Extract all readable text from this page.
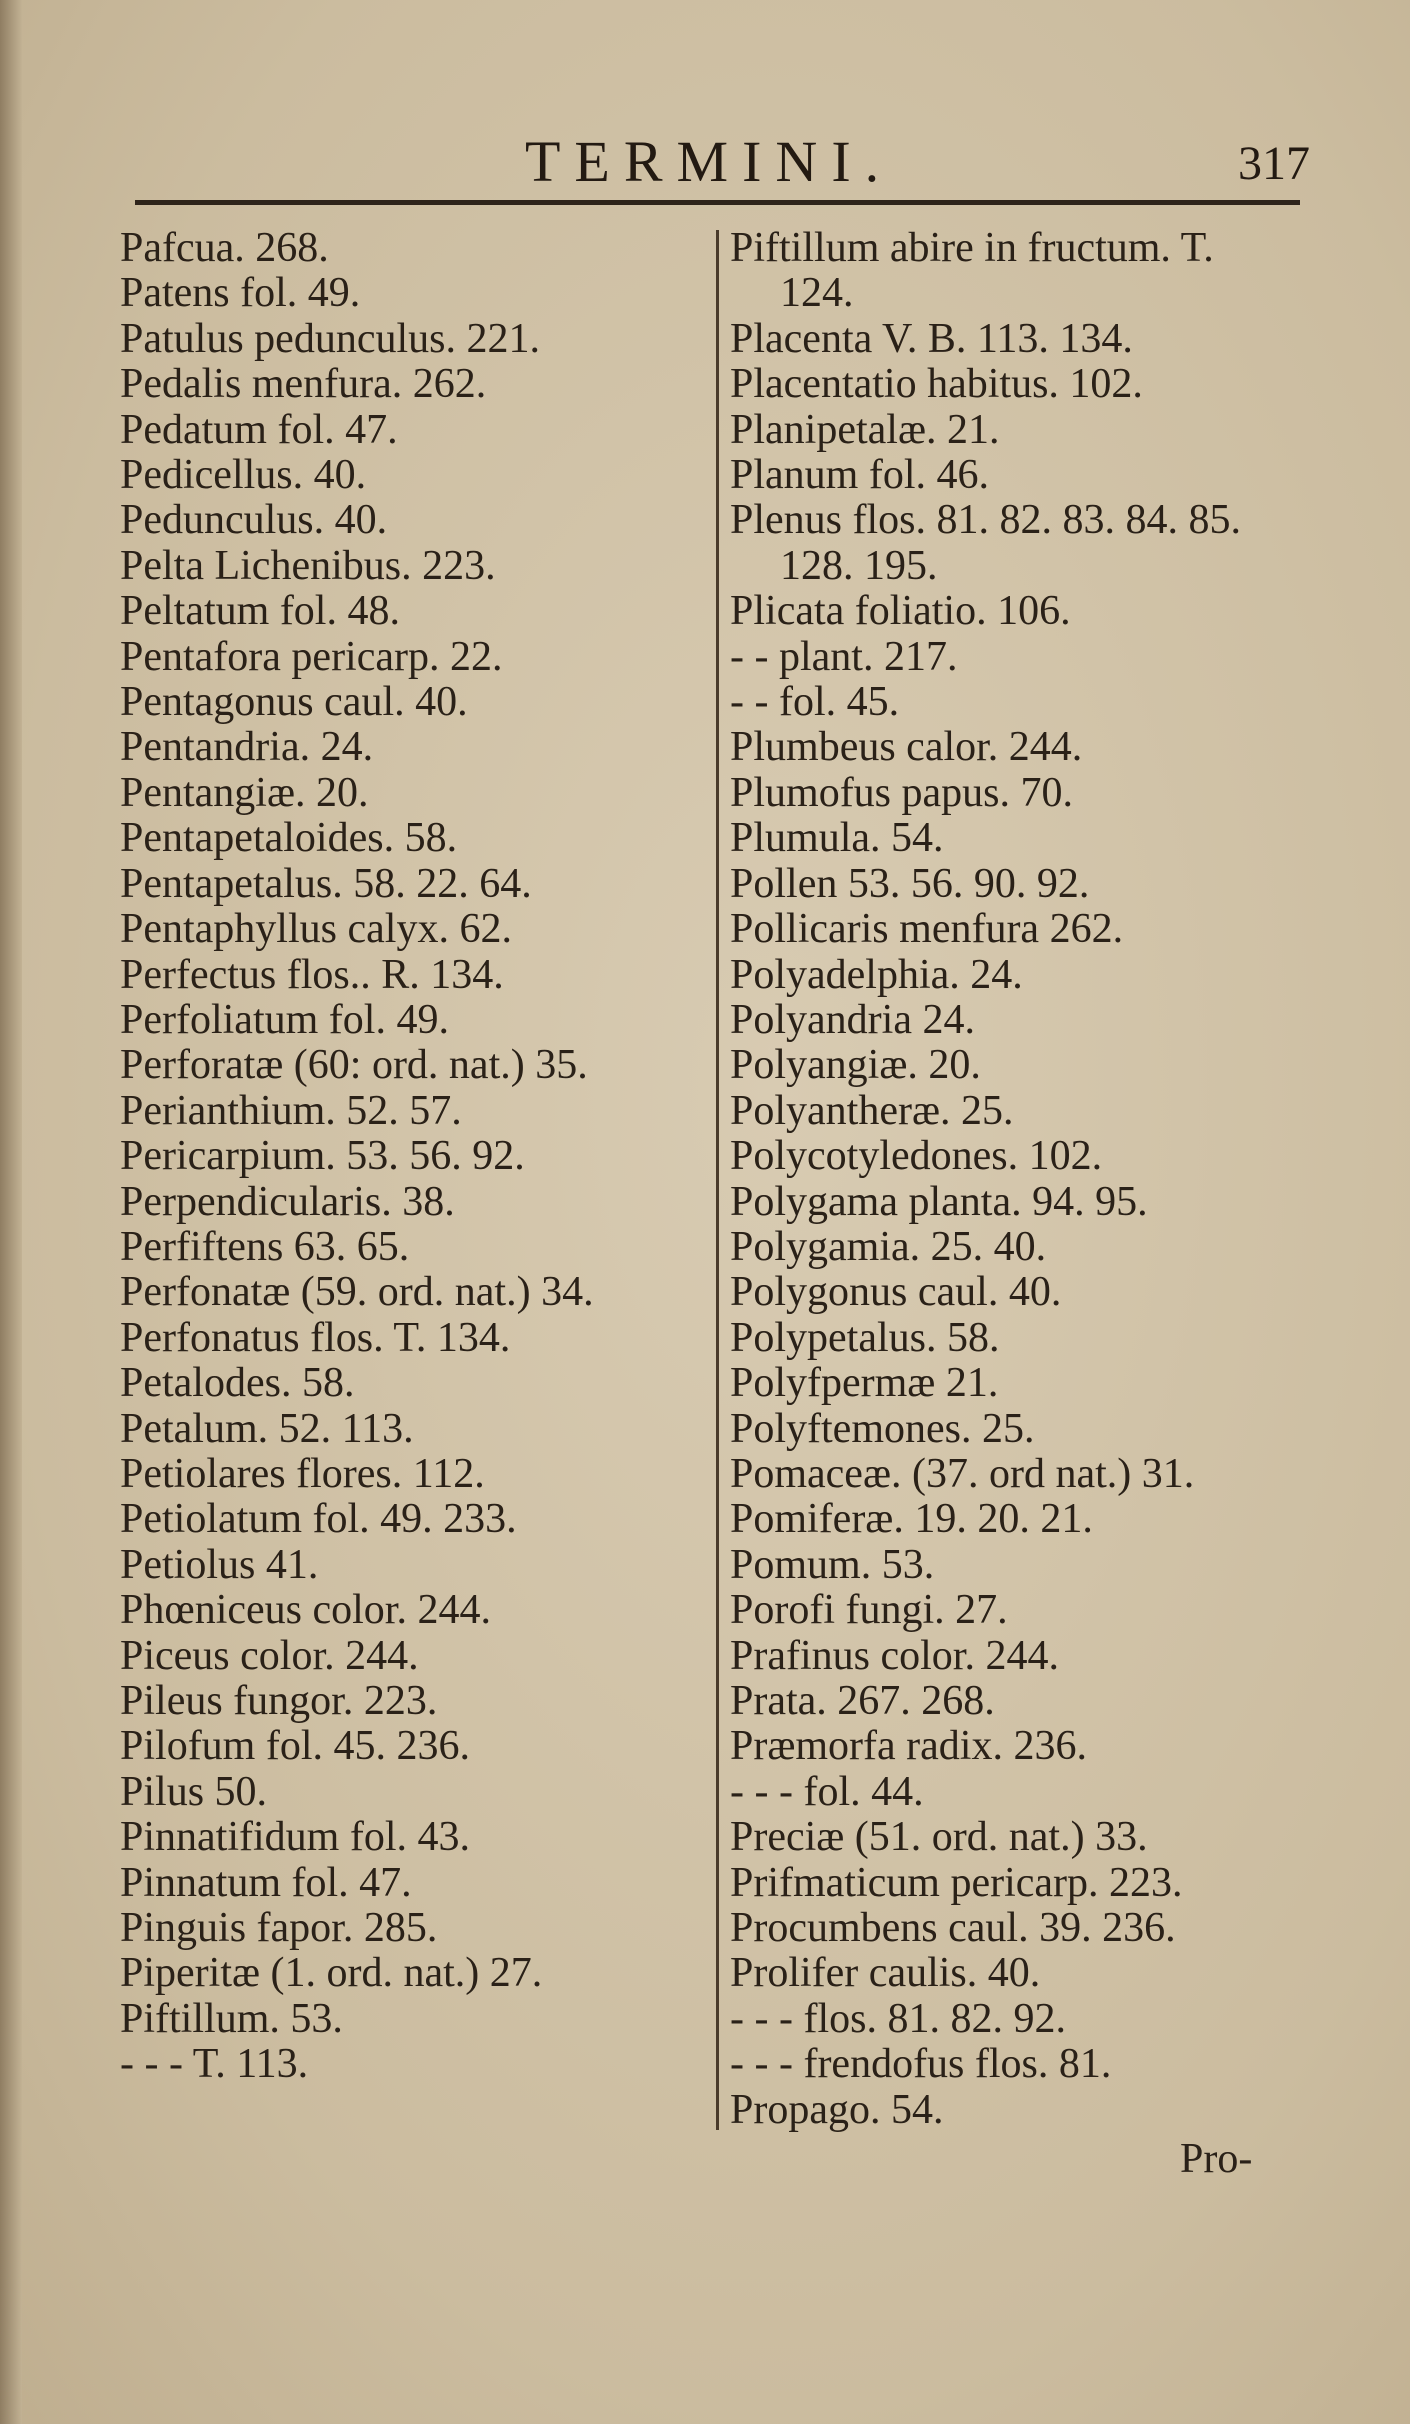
TERMINI.	317
Pafcua. 268.
Patens fol. 49.
Patulus pedunculus. 221.
Pedalis menfura. 262.
Pedatum fol. 47.
Pedicellus. 40.
Pedunculus. 40.
Pelta Lichenibus. 223.
Peltatum fol. 48.
Pentafora pericarp. 22.
Pentagonus caul. 40.
Pentandria. 24.
Pentangiæ. 20.
Pentapetaloides. 58.
Pentapetalus. 58. 22. 64.
Pentaphyllus calyx. 62.
Perfectus flos.. R. 134.
Perfoliatum fol. 49.
Perforatæ (60: ord. nat.) 35.
Perianthium. 52. 57.
Pericarpium. 53. 56. 92.
Perpendicularis. 38.
Perfiftens 63. 65.
Perfonatæ (59. ord. nat.) 34.
Perfonatus flos. T. 134.
Petalodes. 58.
Petalum. 52. 113.
Petiolares flores. 112.
Petiolatum fol. 49. 233.
Petiolus 41.
Phœniceus color. 244.
Piceus color. 244.
Pileus fungor. 223.
Pilofum fol. 45. 236.
Pilus 50.
Pinnatifidum fol. 43.
Pinnatum fol. 47.
Pinguis fapor. 285.
Piperitæ (1. ord. nat.) 27.
Piftillum. 53.
- - - T. 113.
Piftillum abire in fructum. T.
124.
Placenta V. B. 113. 134.
Placentatio habitus. 102.
Planipetalæ. 21.
Planum fol. 46.
Plenus flos. 81. 82. 83. 84. 85.
128. 195.
Plicata foliatio. 106.
- - plant. 217.
- - fol. 45.
Plumbeus calor. 244.
Plumofus papus. 70.
Plumula. 54.
Pollen 53. 56. 90. 92.
Pollicaris menfura 262.
Polyadelphia. 24.
Polyandria 24.
Polyangiæ. 20.
Polyantheræ. 25.
Polycotyledones. 102.
Polygama planta. 94. 95.
Polygamia. 25. 40.
Polygonus caul. 40.
Polypetalus. 58.
Polyfpermæ 21.
Polyftemones. 25.
Pomaceæ. (37. ord nat.) 31.
Pomiferæ. 19. 20. 21.
Pomum. 53.
Porofi fungi. 27.
Prafinus color. 244.
Prata. 267. 268.
Præmorfa radix. 236.
- - - fol. 44.
Preciæ (51. ord. nat.) 33.
Prifmaticum pericarp. 223.
Procumbens caul. 39. 236.
Prolifer caulis. 40.
- - - flos. 81. 82. 92.
- - - frendofus flos. 81.
Propago. 54.
Pro-
